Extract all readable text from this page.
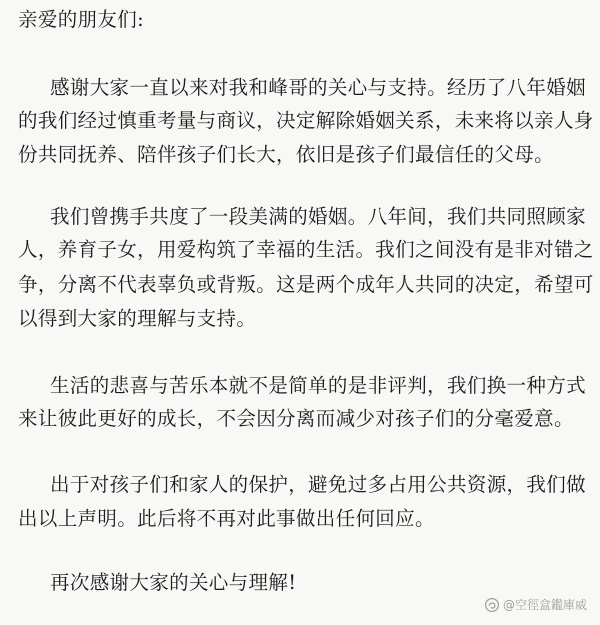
亲爱的朋友们:
感谢大家一直以来对我和峰哥的关心与支持。经历了八年婚姻
的我们经过慎重考量与商议，决定解除婚姻关系，未来将以亲人身
份共同抚养、陪伴孩子们长大，依旧是孩子们最信任的父母。
我们曾携手共度了一段美满的婚姻。八年间，我们共同照顾家
人，养育子女，用爱构筑了幸福的生活。我们之间没有是非对错之
争，分离不代表辜负或背叛。这是两个成年人共同的决定，希望可
以得到大家的理解与支持。
生活的悲喜与苦乐本就不是简单的是非评判，我们换一种方式
来让彼此更好的成长，不会因分离而减少对孩子们的分毫爱意。
出于对孩子们和家人的保护，避免过多占用公共资源，我们做
出以上声明。此后将不再对此事做出任何回应。
再次感谢大家的关心与理解!
@空徑盒鑑庫威
